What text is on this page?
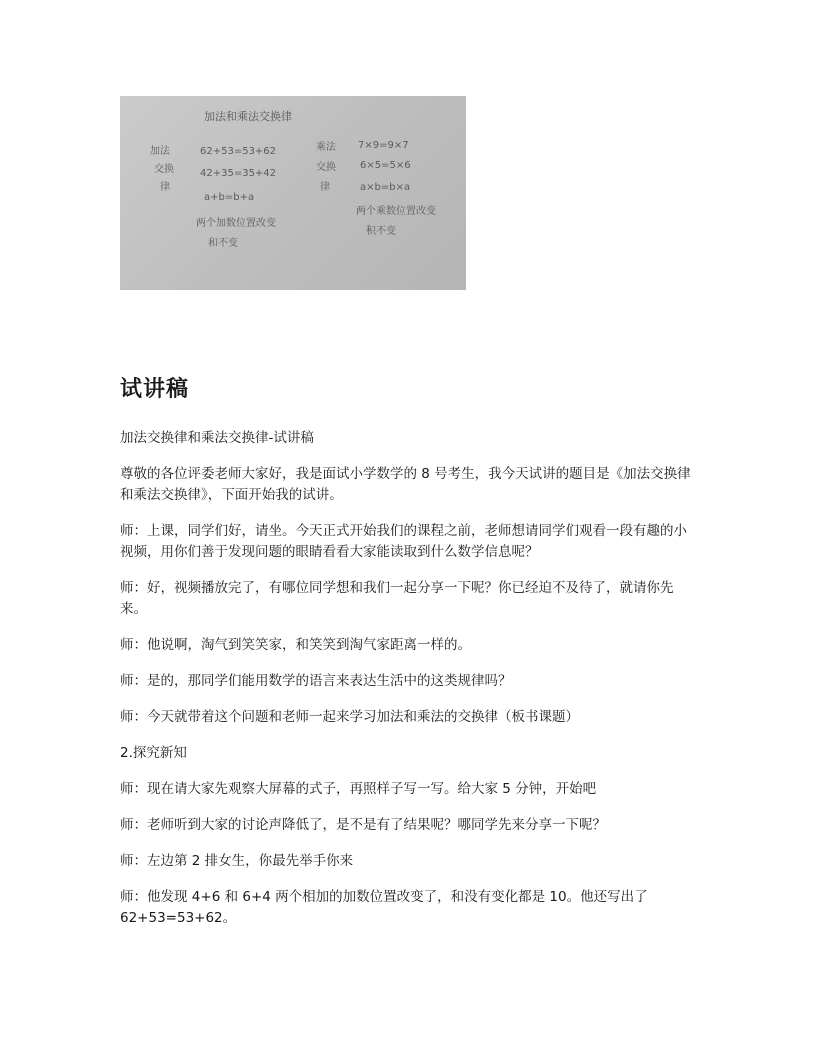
加法和乘法交换律
加法
交换
律
62+53=53+62
42+35=35+42
a+b=b+a
两个加数位置改变
和不变
乘法
交换
律
7×9=9×7
6×5=5×6
a×b=b×a
两个乘数位置改变
积不变
试讲稿

加法交换律和乘法交换律-试讲稿

尊敬的各位评委老师大家好，我是面试小学数学的 8 号考生，我今天试讲的题目是《加法交换律和乘法交换律》，下面开始我的试讲。

师：上课，同学们好，请坐。今天正式开始我们的课程之前，老师想请同学们观看一段有趣的小视频，用你们善于发现问题的眼睛看看大家能读取到什么数学信息呢？

师：好，视频播放完了，有哪位同学想和我们一起分享一下呢？你已经迫不及待了，就请你先来。

师：他说啊，淘气到笑笑家，和笑笑到淘气家距离一样的。

师：是的，那同学们能用数学的语言来表达生活中的这类规律吗？

师：今天就带着这个问题和老师一起来学习加法和乘法的交换律（板书课题）

2.探究新知

师：现在请大家先观察大屏幕的式子，再照样子写一写。给大家 5 分钟，开始吧

师：老师听到大家的讨论声降低了，是不是有了结果呢？哪同学先来分享一下呢？

师：左边第 2 排女生，你最先举手你来

师：他发现 4+6 和 6+4 两个相加的加数位置改变了，和没有变化都是 10。他还写出了 62+53=53+62。
